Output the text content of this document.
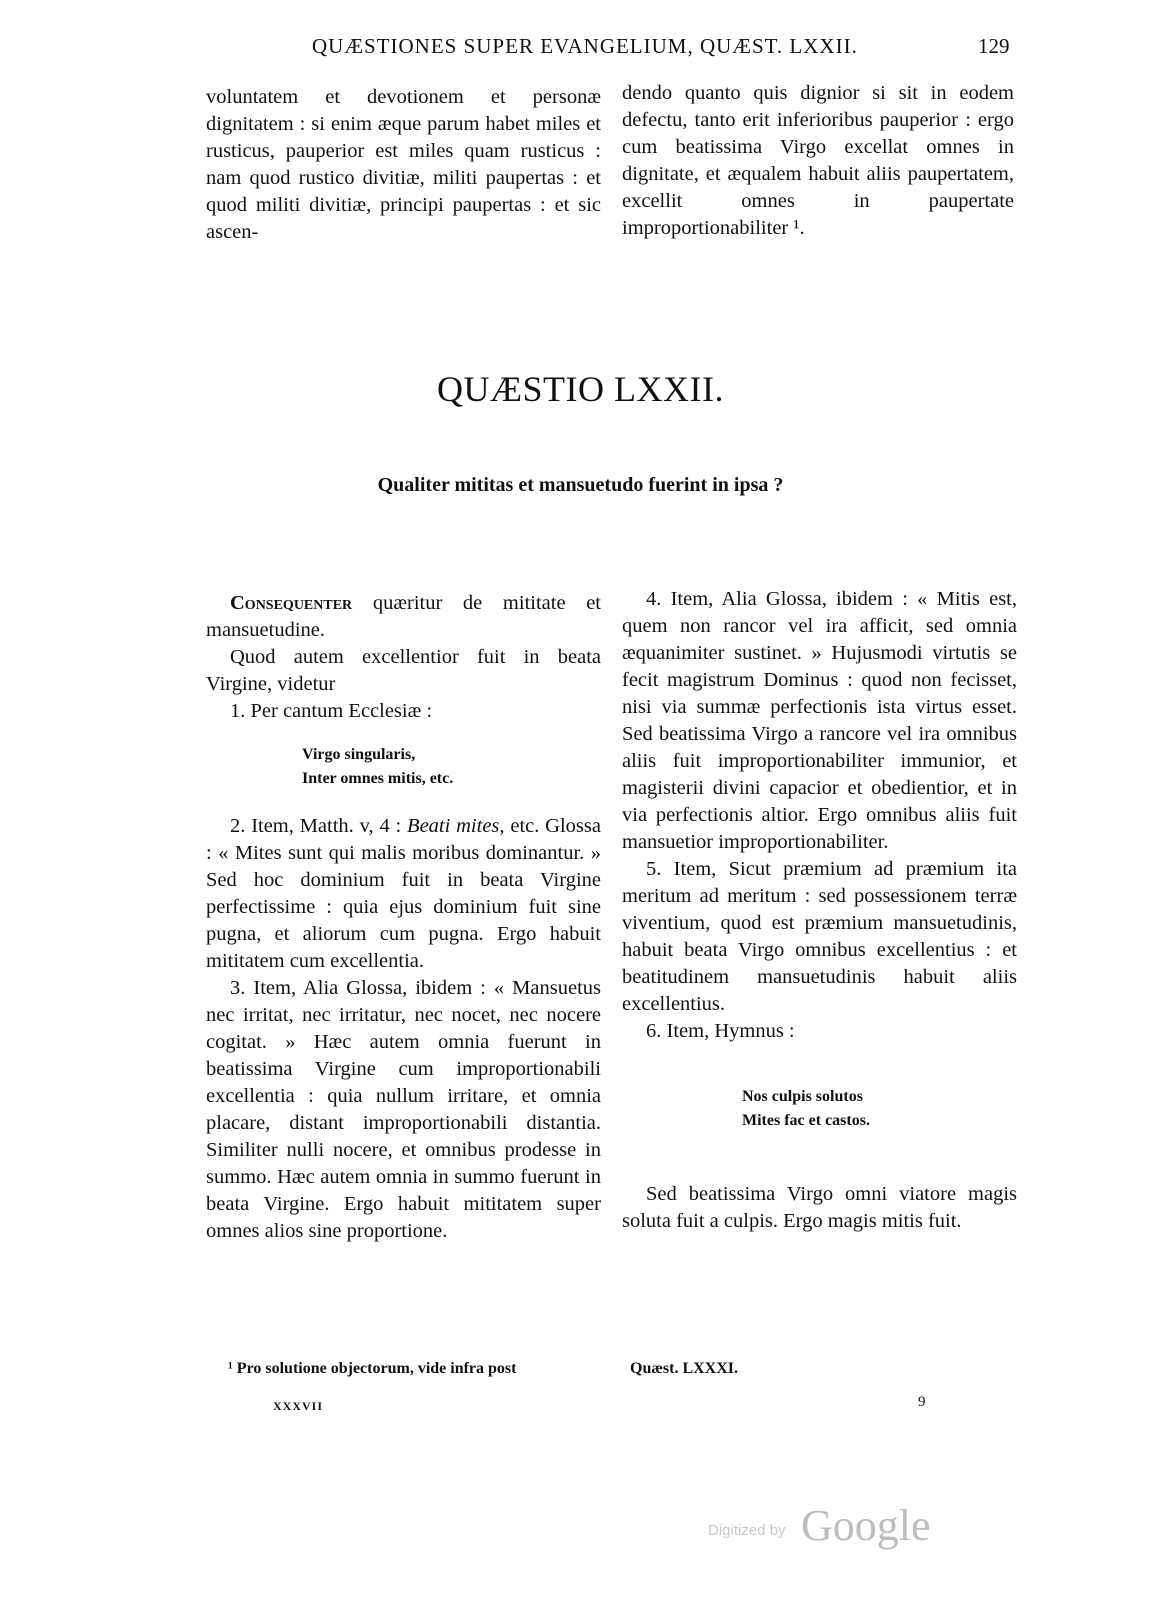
QUÆSTIONES SUPER EVANGELIUM, QUÆST. LXXII.	129

voluntatem et devotionem et personæ dignitatem : si enim æque parum habet miles et rusticus, pauperior est miles quam rusticus : nam quod rustico divitiæ, militi paupertas : et quod militi divitiæ, principi paupertas : et sic ascen-

dendo quanto quis dignior si sit in eodem defectu, tanto erit inferioribus pauperior : ergo cum beatissima Virgo excellat omnes in dignitate, et æqualem habuit aliis paupertatem, excellit omnes in paupertate improportionabiliter ¹.

QUÆSTIO LXXII.
Qualiter mititas et mansuetudo fuerint in ipsa ?

Consequenter quæritur de mititate et mansuetudine.

Quod autem excellentior fuit in beata Virgine, videtur

1. Per cantum Ecclesiæ :

Virgo singularis,
Inter omnes mitis, etc.

2. Item, Matth. v, 4 : Beati mites, etc. Glossa : « Mites sunt qui malis moribus dominantur. » Sed hoc dominium fuit in beata Virgine perfectissime : quia ejus dominium fuit sine pugna, et aliorum cum pugna. Ergo habuit mititatem cum excellentia.

3. Item, Alia Glossa, ibidem : « Mansuetus nec irritat, nec irritatur, nec nocet, nec nocere cogitat. » Hæc autem omnia fuerunt in beatissima Virgine cum improportionabili excellentia : quia nullum irritare, et omnia placare, distant improportionabili distantia. Similiter nulli nocere, et omnibus prodesse in summo. Hæc autem omnia in summo fuerunt in beata Virgine. Ergo habuit mititatem super omnes alios sine proportione.

4. Item, Alia Glossa, ibidem : « Mitis est, quem non rancor vel ira afficit, sed omnia æquanimiter sustinet. » Hujusmodi virtutis se fecit magistrum Dominus : quod non fecisset, nisi via summæ perfectionis ista virtus esset. Sed beatissima Virgo a rancore vel ira omnibus aliis fuit improportionabiliter immunior, et magisterii divini capacior et obedientior, et in via perfectionis altior. Ergo omnibus aliis fuit mansuetior improportionabiliter.

5. Item, Sicut præmium ad præmium ita meritum ad meritum : sed possessionem terræ viventium, quod est præmium mansuetudinis, habuit beata Virgo omnibus excellentius : et beatitudinem mansuetudinis habuit aliis excellentius.

6. Item, Hymnus :

Nos culpis solutos
Mites fac et castos.

Sed beatissima Virgo omni viatore magis soluta fuit a culpis. Ergo magis mitis fuit.

¹ Pro solutione objectorum, vide infra post	Quæst. LXXXI.
XXXVII	9
Digitized by Google
